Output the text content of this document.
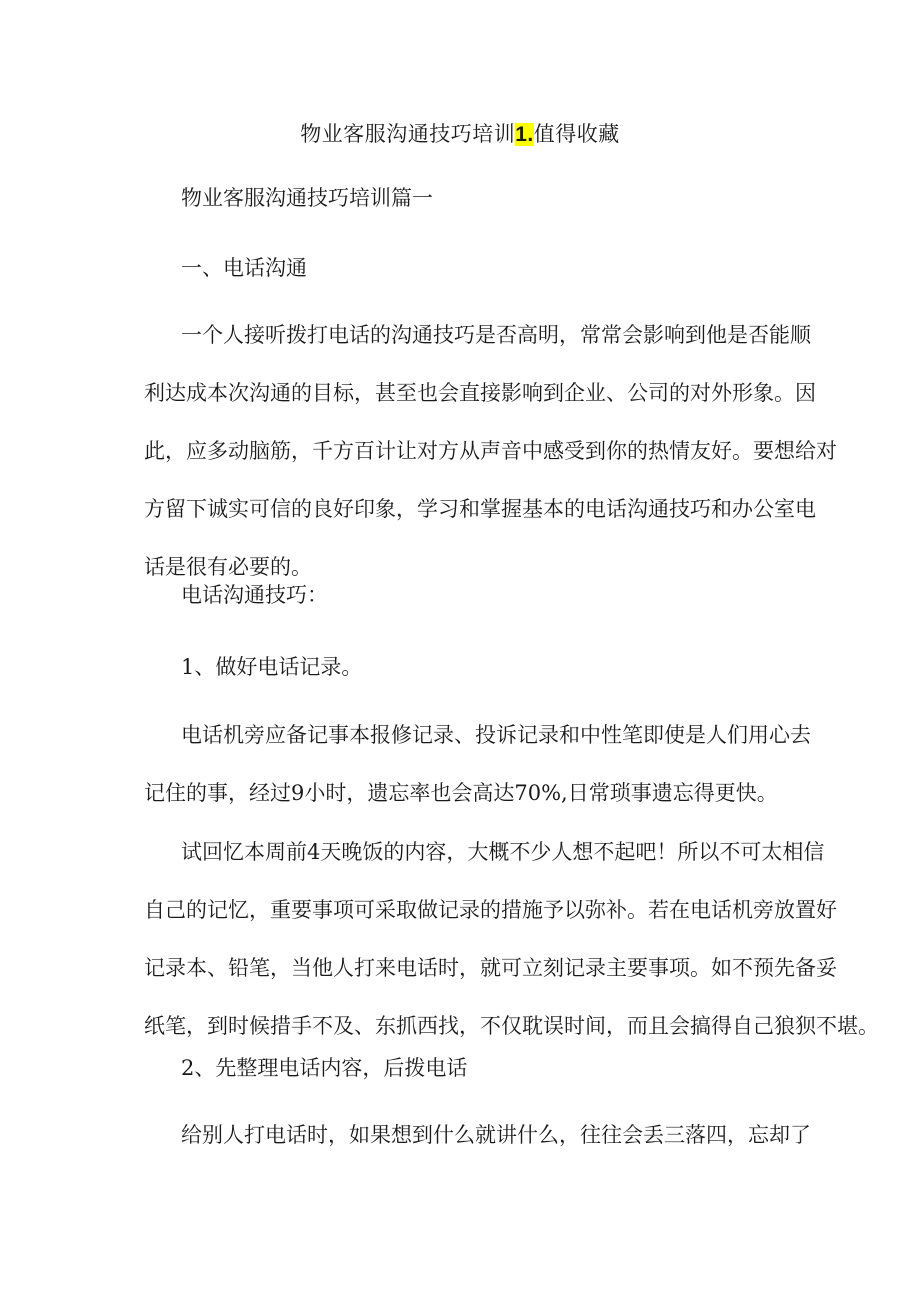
物业客服沟通技巧培训1.值得收藏
物业客服沟通技巧培训篇一
一、电话沟通
一个人接听拨打电话的沟通技巧是否高明，常常会影响到他是否能顺
利达成本次沟通的目标，甚至也会直接影响到企业、公司的对外形象。因
此，应多动脑筋，千方百计让对方从声音中感受到你的热情友好。要想给对
方留下诚实可信的良好印象，学习和掌握基本的电话沟通技巧和办公室电
话是很有必要的。
电话沟通技巧：
1、做好电话记录。
电话机旁应备记事本报修记录、投诉记录和中性笔即使是人们用心去
记住的事，经过9小时，遗忘率也会高达70%,日常琐事遗忘得更快。
试回忆本周前4天晚饭的内容，大概不少人想不起吧！所以不可太相信
自己的记忆，重要事项可采取做记录的措施予以弥补。若在电话机旁放置好
记录本、铅笔，当他人打来电话时，就可立刻记录主要事项。如不预先备妥
纸笔，到时候措手不及、东抓西找，不仅耽误时间，而且会搞得自己狼狈不堪。
2、先整理电话内容，后拨电话
给别人打电话时，如果想到什么就讲什么，往往会丢三落四，忘却了
